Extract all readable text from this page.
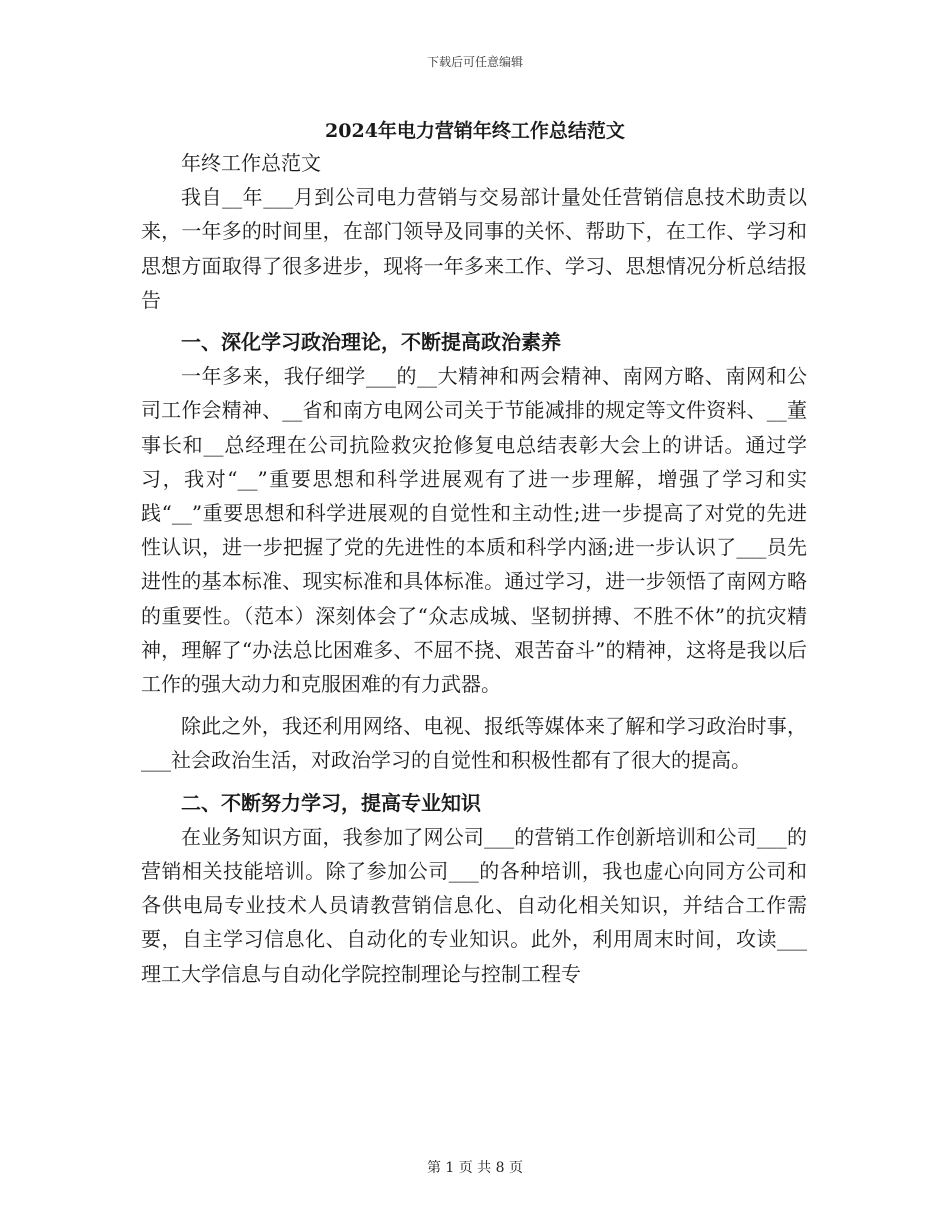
下载后可任意编辑
2024年电力营销年终工作总结范文

年终工作总范文

我自__年___月到公司电力营销与交易部计量处任营销信息技术助责以来，一年多的时间里，在部门领导及同事的关怀、帮助下，在工作、学习和思想方面取得了很多进步，现将一年多来工作、学习、思想情况分析总结报告

一、深化学习政治理论，不断提高政治素养

一年多来，我仔细学___的__大精神和两会精神、南网方略、南网和公司工作会精神、__省和南方电网公司关于节能减排的规定等文件资料、__董事长和__总经理在公司抗险救灾抢修复电总结表彰大会上的讲话。通过学习，我对“__”重要思想和科学进展观有了进一步理解，增强了学习和实践“__”重要思想和科学进展观的自觉性和主动性;进一步提高了对党的先进性认识，进一步把握了党的先进性的本质和科学内涵;进一步认识了___员先进性的基本标准、现实标准和具体标准。通过学习，进一步领悟了南网方略的重要性。（范本）深刻体会了“众志成城、坚韧拼搏、不胜不休”的抗灾精神，理解了“办法总比困难多、不屈不挠、艰苦奋斗”的精神，这将是我以后工作的强大动力和克服困难的有力武器。

除此之外，我还利用网络、电视、报纸等媒体来了解和学习政治时事，___社会政治生活，对政治学习的自觉性和积极性都有了很大的提高。

二、不断努力学习，提高专业知识

在业务知识方面，我参加了网公司___的营销工作创新培训和公司___的营销相关技能培训。除了参加公司___的各种培训，我也虚心向同方公司和各供电局专业技术人员请教营销信息化、自动化相关知识，并结合工作需要，自主学习信息化、自动化的专业知识。此外，利用周末时间，攻读___理工大学信息与自动化学院控制理论与控制工程专

第 1 页 共 8 页
